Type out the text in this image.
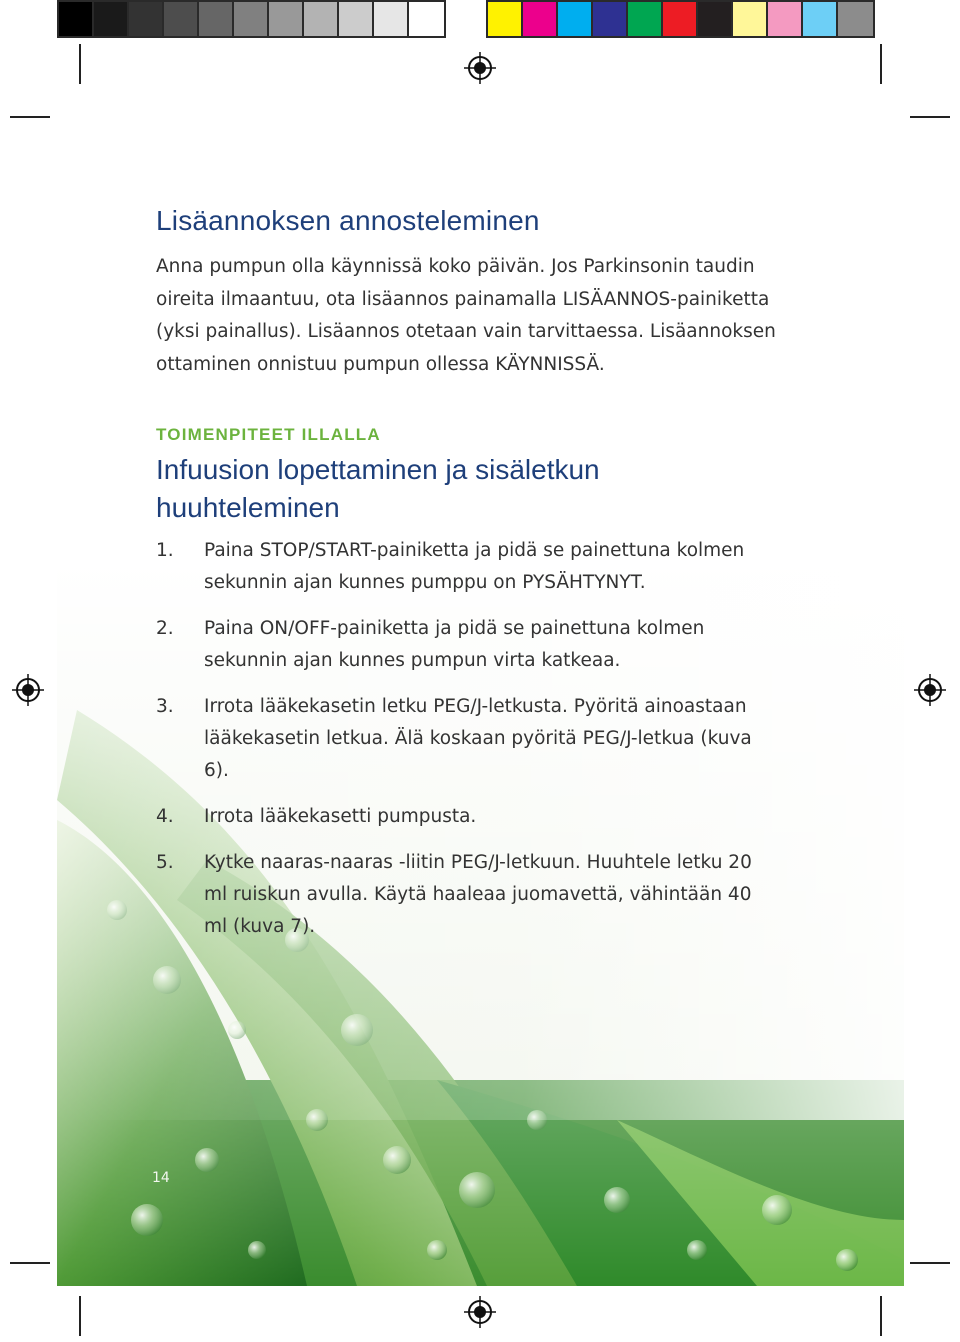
Lisäannoksen annosteleminen

Anna pumpun olla käynnissä koko päivän. Jos Parkinsonin taudin oireita ilmaantuu, ota lisäannos painamalla LISÄANNOS-painiketta (yksi painallus). Lisäannos otetaan vain tarvittaessa. Lisäannoksen ottaminen onnistuu pumpun ollessa KÄYNNISSÄ.

TOIMENPITEET ILLALLA
Infuusion lopettaminen ja sisäletkun huuhteleminen
1.	Paina STOP/START-painiketta ja pidä se painettuna kolmen sekunnin ajan kunnes pumppu on PYSÄHTYNYT.
2.	Paina ON/OFF-painiketta ja pidä se painettuna kolmen sekunnin ajan kunnes pumpun virta katkeaa.
3.	Irrota lääkekasetin letku PEG/J-letkusta. Pyöritä ainoastaan lääkekasetin letkua. Älä koskaan pyöritä PEG/J-letkua (kuva 6).
4.	Irrota lääkekasetti pumpusta.
5.	Kytke naaras-naaras -liitin PEG/J-letkuun. Huuhtele letku 20 ml ruiskun avulla. Käytä haaleaa juomavettä, vähintään 40 ml (kuva 7).
14
